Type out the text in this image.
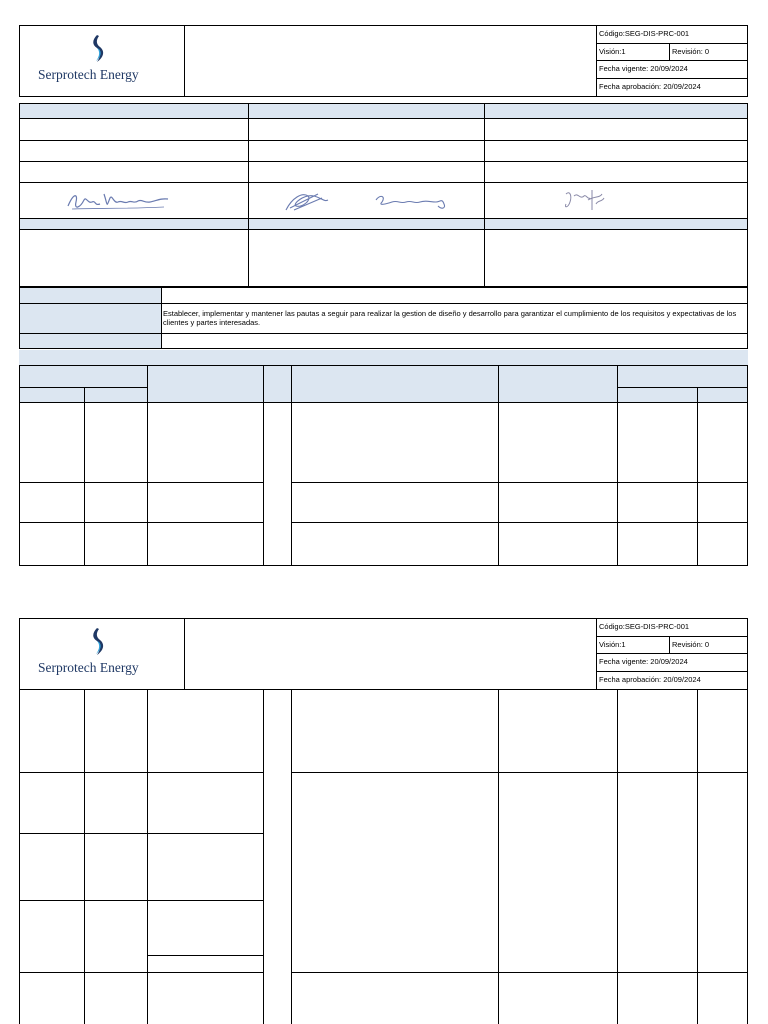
Serprotech Energy
Código:SEG-DIS-PRC-001
Visión:1	Revisión: 0
Fecha vigente: 20/09/2024
Fecha aprobación: 20/09/2024
Establecer, implementar y mantener las pautas a seguir para realizar la gestion de diseño y desarrollo para garantizar el cumplimiento de los requisitos y expectativas de los clientes y partes interesadas.
Serprotech Energy
Código:SEG-DIS-PRC-001
Visión:1	Revisión: 0
Fecha vigente: 20/09/2024
Fecha aprobación: 20/09/2024
